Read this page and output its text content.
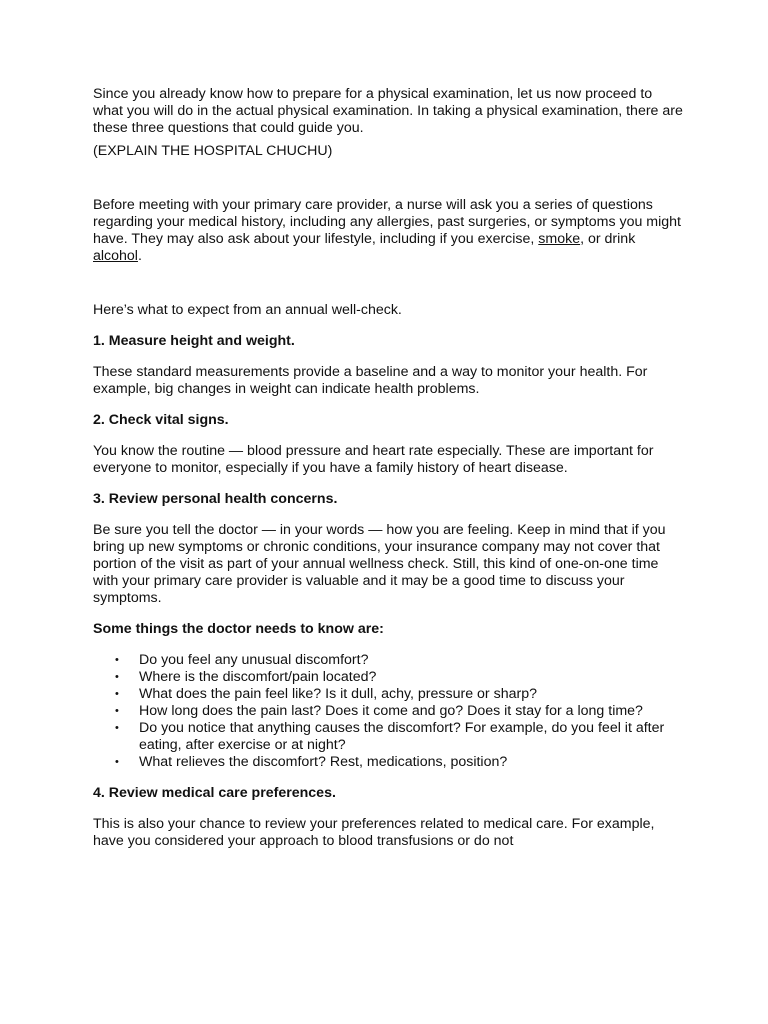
Since you already know how to prepare for a physical examination, let us now proceed to what you will do in the actual physical examination. In taking a physical examination, there are these three questions that could guide you.

(EXPLAIN THE HOSPITAL CHUCHU)

Before meeting with your primary care provider, a nurse will ask you a series of questions regarding your medical history, including any allergies, past surgeries, or symptoms you might have. They may also ask about your lifestyle, including if you exercise, smoke, or drink alcohol.

Here’s what to expect from an annual well-check.

1. Measure height and weight.

These standard measurements provide a baseline and a way to monitor your health. For example, big changes in weight can indicate health problems.

2. Check vital signs.

You know the routine — blood pressure and heart rate especially. These are important for everyone to monitor, especially if you have a family history of heart disease.

3. Review personal health concerns.

Be sure you tell the doctor — in your words — how you are feeling. Keep in mind that if you bring up new symptoms or chronic conditions, your insurance company may not cover that portion of the visit as part of your annual wellness check. Still, this kind of one-on-one time with your primary care provider is valuable and it may be a good time to discuss your symptoms.

Some things the doctor needs to know are:

• Do you feel any unusual discomfort?
• Where is the discomfort/pain located?
• What does the pain feel like? Is it dull, achy, pressure or sharp?
• How long does the pain last? Does it come and go? Does it stay for a long time?
• Do you notice that anything causes the discomfort? For example, do you feel it after eating, after exercise or at night?
• What relieves the discomfort? Rest, medications, position?

4. Review medical care preferences.

This is also your chance to review your preferences related to medical care. For example, have you considered your approach to blood transfusions or do not
